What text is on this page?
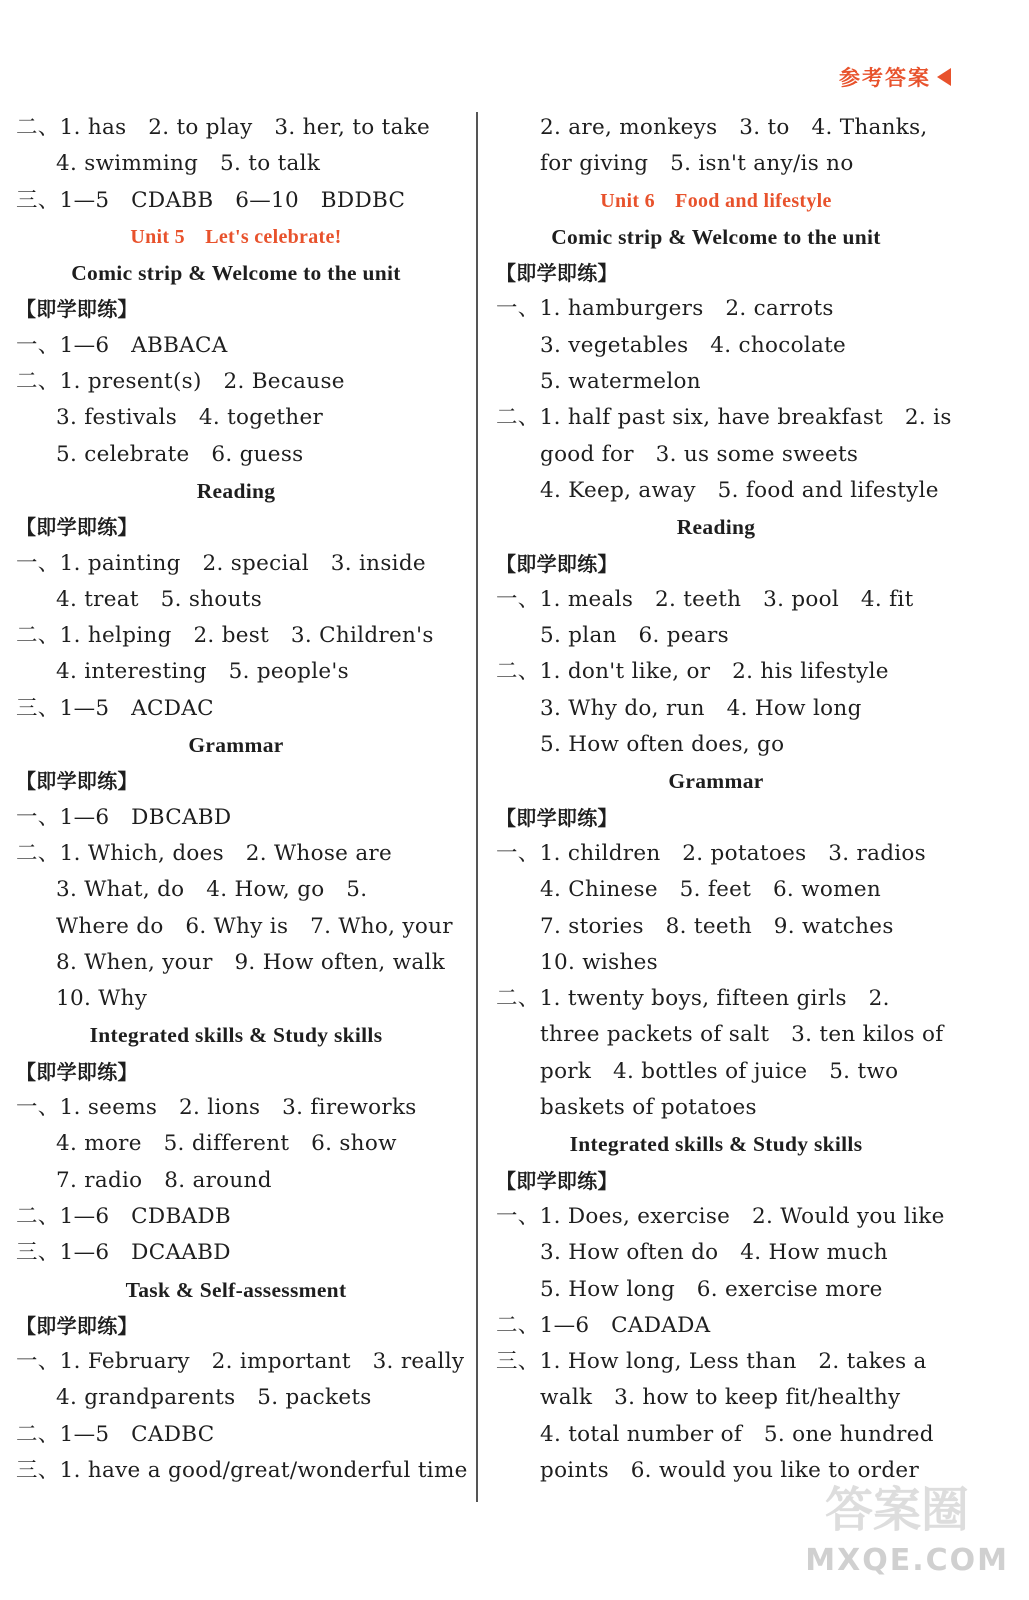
参考答案
二、1. has　2. to play　3. her, to take
4. swimming　5. to talk
三、1—5　CDABB　6—10　BDDBC
Unit 5　Let's celebrate!
Comic strip & Welcome to the unit
【即学即练】
一、1—6　ABBACA
二、1. present(s)　2. Because
3. festivals　4. together
5. celebrate　6. guess
Reading
【即学即练】
一、1. painting　2. special　3. inside
4. treat　5. shouts
二、1. helping　2. best　3. Children's
4. interesting　5. people's
三、1—5　ACDAC
Grammar
【即学即练】
一、1—6　DBCABD
二、1. Which, does　2. Whose are
3. What, do　4. How, go　5.
Where do　6. Why is　7. Who, your
8. When, your　9. How often, walk
10. Why
Integrated skills & Study skills
【即学即练】
一、1. seems　2. lions　3. fireworks
4. more　5. different　6. show
7. radio　8. around
二、1—6　CDBADB
三、1—6　DCAABD
Task & Self-assessment
【即学即练】
一、1. February　2. important　3. really
4. grandparents　5. packets
二、1—5　CADBC
三、1. have a good/great/wonderful time
2. are, monkeys　3. to　4. Thanks,
for giving　5. isn't any/is no
Unit 6　Food and lifestyle
Comic strip & Welcome to the unit
【即学即练】
一、1. hamburgers　2. carrots
3. vegetables　4. chocolate
5. watermelon
二、1. half past six, have breakfast　2. is
good for　3. us some sweets
4. Keep, away　5. food and lifestyle
Reading
【即学即练】
一、1. meals　2. teeth　3. pool　4. fit
5. plan　6. pears
二、1. don't like, or　2. his lifestyle
3. Why do, run　4. How long
5. How often does, go
Grammar
【即学即练】
一、1. children　2. potatoes　3. radios
4. Chinese　5. feet　6. women
7. stories　8. teeth　9. watches
10. wishes
二、1. twenty boys, fifteen girls　2.
three packets of salt　3. ten kilos of
pork　4. bottles of juice　5. two
baskets of potatoes
Integrated skills & Study skills
【即学即练】
一、1. Does, exercise　2. Would you like
3. How often do　4. How much
5. How long　6. exercise more
二、1—6　CADADA
三、1. How long, Less than　2. takes a
walk　3. how to keep fit/healthy
4. total number of　5. one hundred
points　6. would you like to order
答案圈
MXQE.COM
